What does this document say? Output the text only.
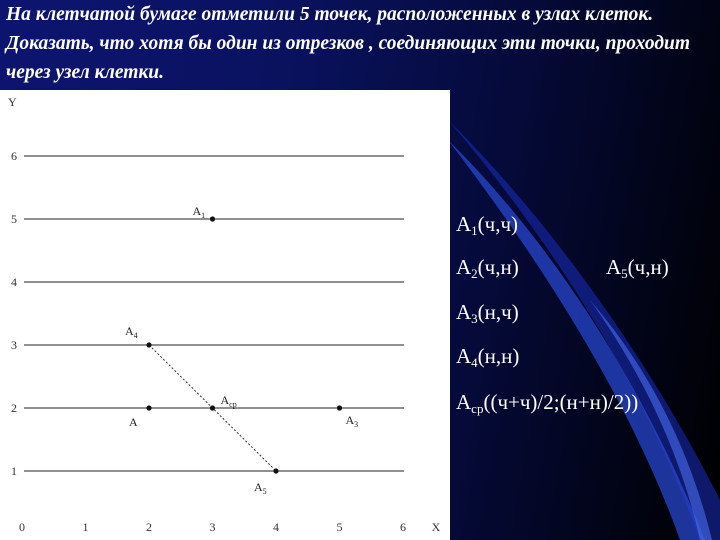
На клетчатой бумаге отметили 5 точек, расположенных в узлах клеток. Доказать, что хотя бы один из отрезков , соединяющих эти точки, проходит через узел клетки.
1
2
3
4
5
6
Y
0	1	2	3	4	5	6 X
A
$A_4$
$A_{ср}$
$A_3$
$A_5$
$A_1$	$A_1(ч,ч)$
$A_2(ч,н)$	$A_5(ч,н)$
$A_3(н,ч)$
$A_4(н,н)$
$A_{ср}((ч+ч)/2;(н+н)/2)$)
